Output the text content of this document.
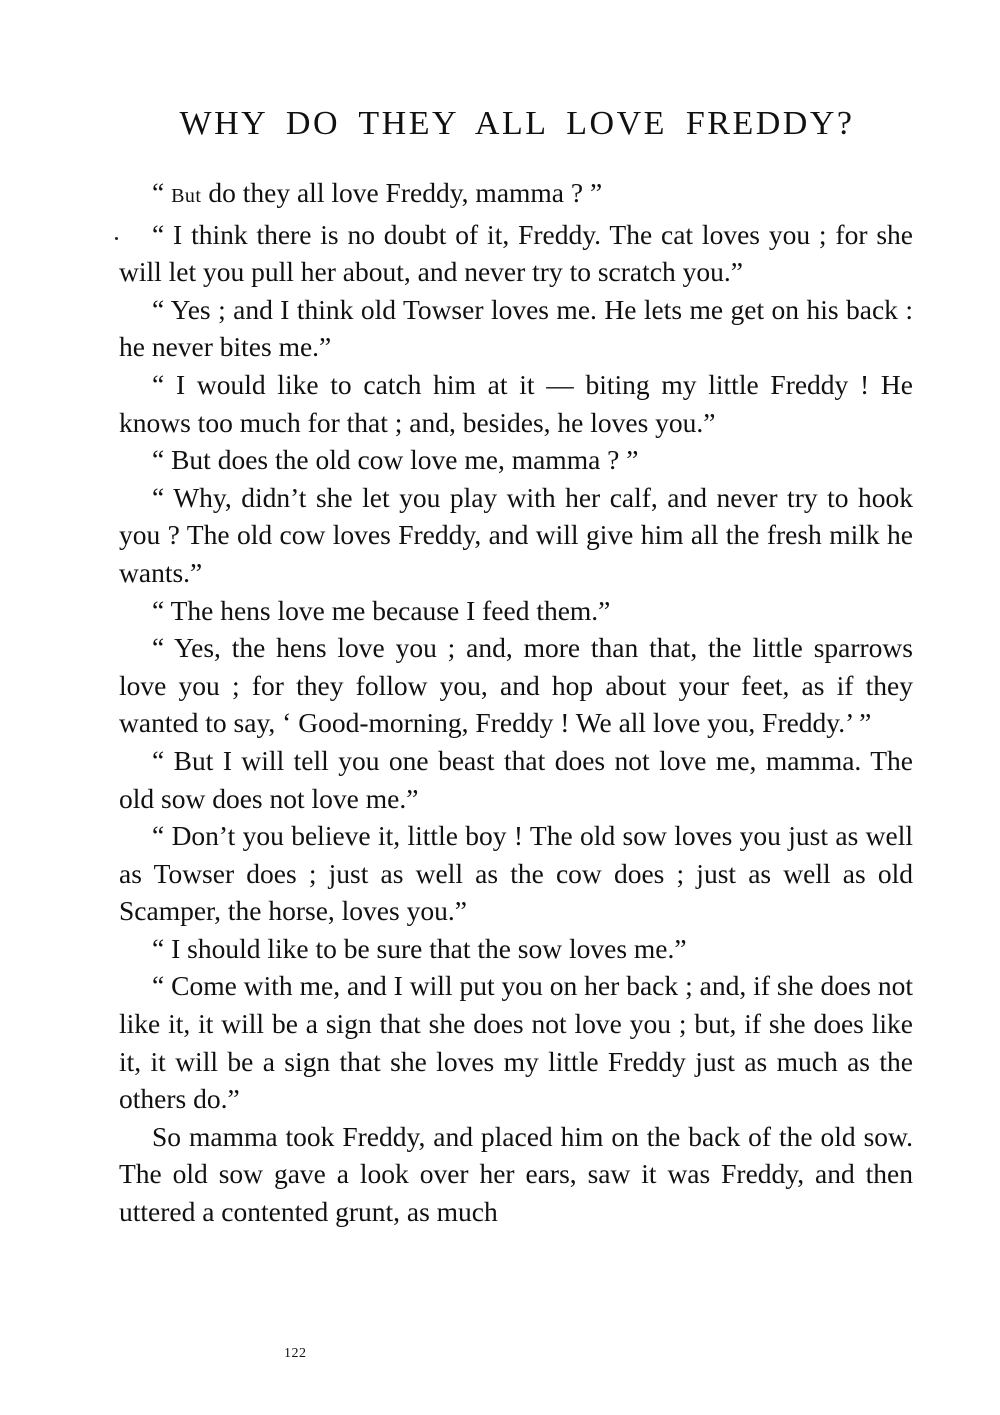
WHY DO THEY ALL LOVE FREDDY?

“ But do they all love Freddy, mamma ? ”

“ I think there is no doubt of it, Freddy. The cat loves you ; for she will let you pull her about, and never try to scratch you.”

“ Yes ; and I think old Towser loves me. He lets me get on his back : he never bites me.”

“ I would like to catch him at it — biting my little Freddy ! He knows too much for that ; and, besides, he loves you.”

“ But does the old cow love me, mamma ? ”

“ Why, didn’t she let you play with her calf, and never try to hook you ? The old cow loves Freddy, and will give him all the fresh milk he wants.”

“ The hens love me because I feed them.”

“ Yes, the hens love you ; and, more than that, the little sparrows love you ; for they follow you, and hop about your feet, as if they wanted to say, ‘ Good-morning, Freddy ! We all love you, Freddy.’ ”

“ But I will tell you one beast that does not love me, mamma. The old sow does not love me.”

“ Don’t you believe it, little boy ! The old sow loves you just as well as Towser does ; just as well as the cow does ; just as well as old Scamper, the horse, loves you.”

“ I should like to be sure that the sow loves me.”

“ Come with me, and I will put you on her back ; and, if she does not like it, it will be a sign that she does not love you ; but, if she does like it, it will be a sign that she loves my little Freddy just as much as the others do.”

So mamma took Freddy, and placed him on the back of the old sow. The old sow gave a look over her ears, saw it was Freddy, and then uttered a contented grunt, as much

122
